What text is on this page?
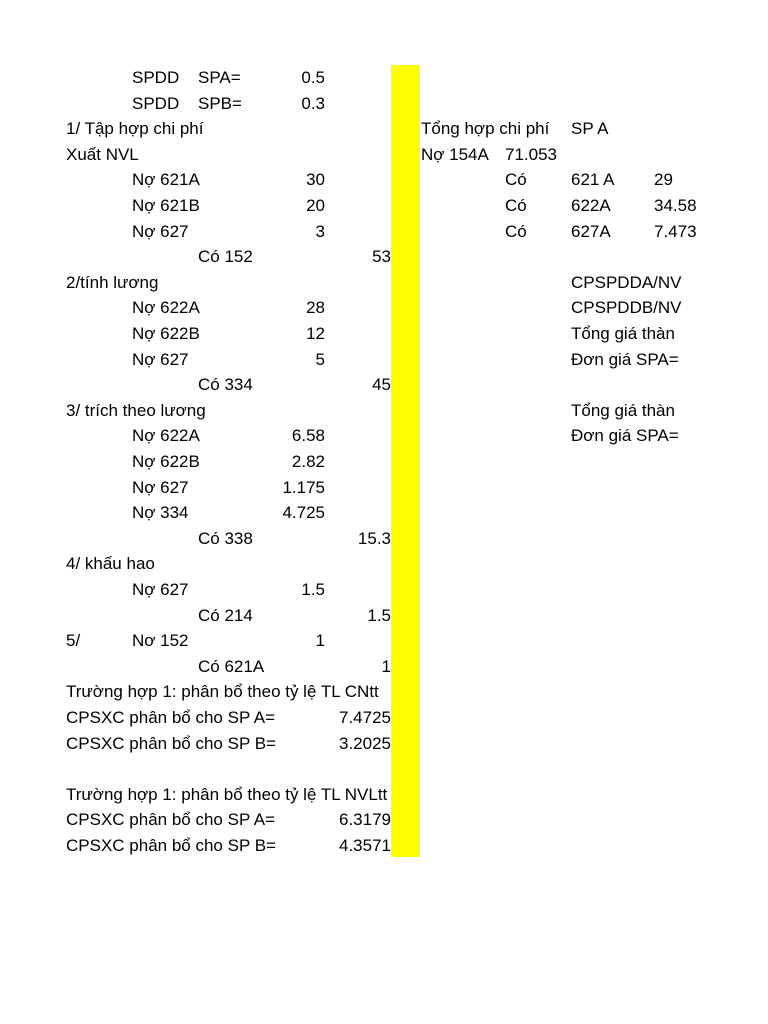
SPDD SPA=	0.5
SPDD SPB=	0.3
1/ Tập hợp chi phí
Xuất NVL
Nợ 621A	30
Nợ 621B	20
Nợ 627	3
Có 152	53
2/tính lương
Nợ 622A	28
Nợ 622B	12
Nợ 627	5
Có 334	45
3/ trích theo lương
Nợ 622A	6.58
Nợ 622B	2.82
Nợ 627	1.175
Nợ 334	4.725
Có 338	15.3
4/ khấu hao
Nợ 627	1.5
Có 214	1.5
5/	Nơ 152	1
Có 621A	1
Trường hợp 1: phân bổ theo tỷ lệ TL CNtt
CPSXC phân bổ cho SP A=	7.4725
CPSXC phân bổ cho SP B=	3.2025
Trường hợp 1: phân bổ theo tỷ lệ TL NVLtt
CPSXC phân bổ cho SP A=	6.3179
CPSXC phân bổ cho SP B=	4.3571
Tổng hợp chi phí	SP A
Nợ 154A 71.053
Có	621 A	29
Có	622A	34.58
Có	627A	7.473
CPSPDDA/NV
CPSPDDB/NV
Tổng giá thàn
Đơn giá SPA=
Tổng giá thàn
Đơn giá SPA=
